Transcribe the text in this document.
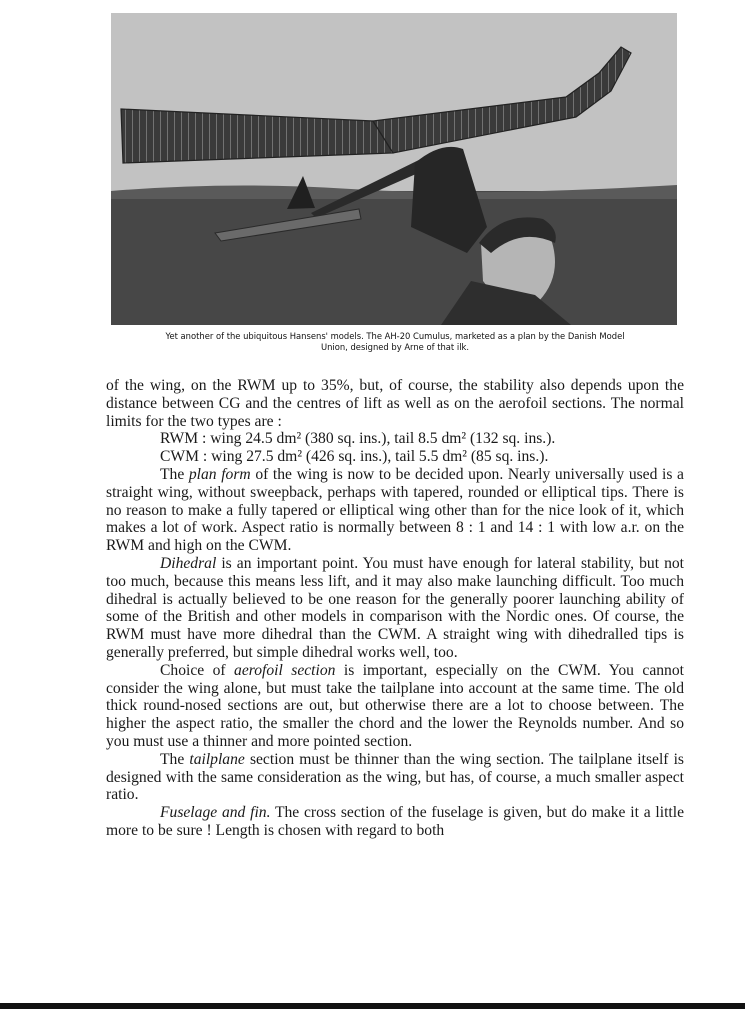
Yet another of the ubiquitous Hansens' models. The AH-20 Cumulus, marketed as a plan by the Danish Model
Union, designed by Arne of that ilk.

of the wing, on the RWM up to 35%, but, of course, the stability also depends upon the distance between CG and the centres of lift as well as on the aerofoil sections. The normal limits for the two types are :

RWM : wing 24.5 dm² (380 sq. ins.), tail 8.5 dm² (132 sq. ins.).

CWM : wing 27.5 dm² (426 sq. ins.), tail 5.5 dm² (85 sq. ins.).

The plan form of the wing is now to be decided upon. Nearly universally used is a straight wing, without sweepback, perhaps with tapered, rounded or elliptical tips. There is no reason to make a fully tapered or elliptical wing other than for the nice look of it, which makes a lot of work. Aspect ratio is normally between 8 : 1 and 14 : 1 with low a.r. on the RWM and high on the CWM.

Dihedral is an important point. You must have enough for lateral stability, but not too much, because this means less lift, and it may also make launching difficult. Too much dihedral is actually believed to be one reason for the generally poorer launching ability of some of the British and other models in comparison with the Nordic ones. Of course, the RWM must have more dihedral than the CWM. A straight wing with dihedralled tips is generally preferred, but simple dihedral works well, too.

Choice of aerofoil section is important, especially on the CWM. You cannot consider the wing alone, but must take the tailplane into account at the same time. The old thick round-nosed sections are out, but otherwise there are a lot to choose between. The higher the aspect ratio, the smaller the chord and the lower the Reynolds number. And so you must use a thinner and more pointed section.

The tailplane section must be thinner than the wing section. The tailplane itself is designed with the same consideration as the wing, but has, of course, a much smaller aspect ratio.

Fuselage and fin. The cross section of the fuselage is given, but do make it a little more to be sure ! Length is chosen with regard to both
